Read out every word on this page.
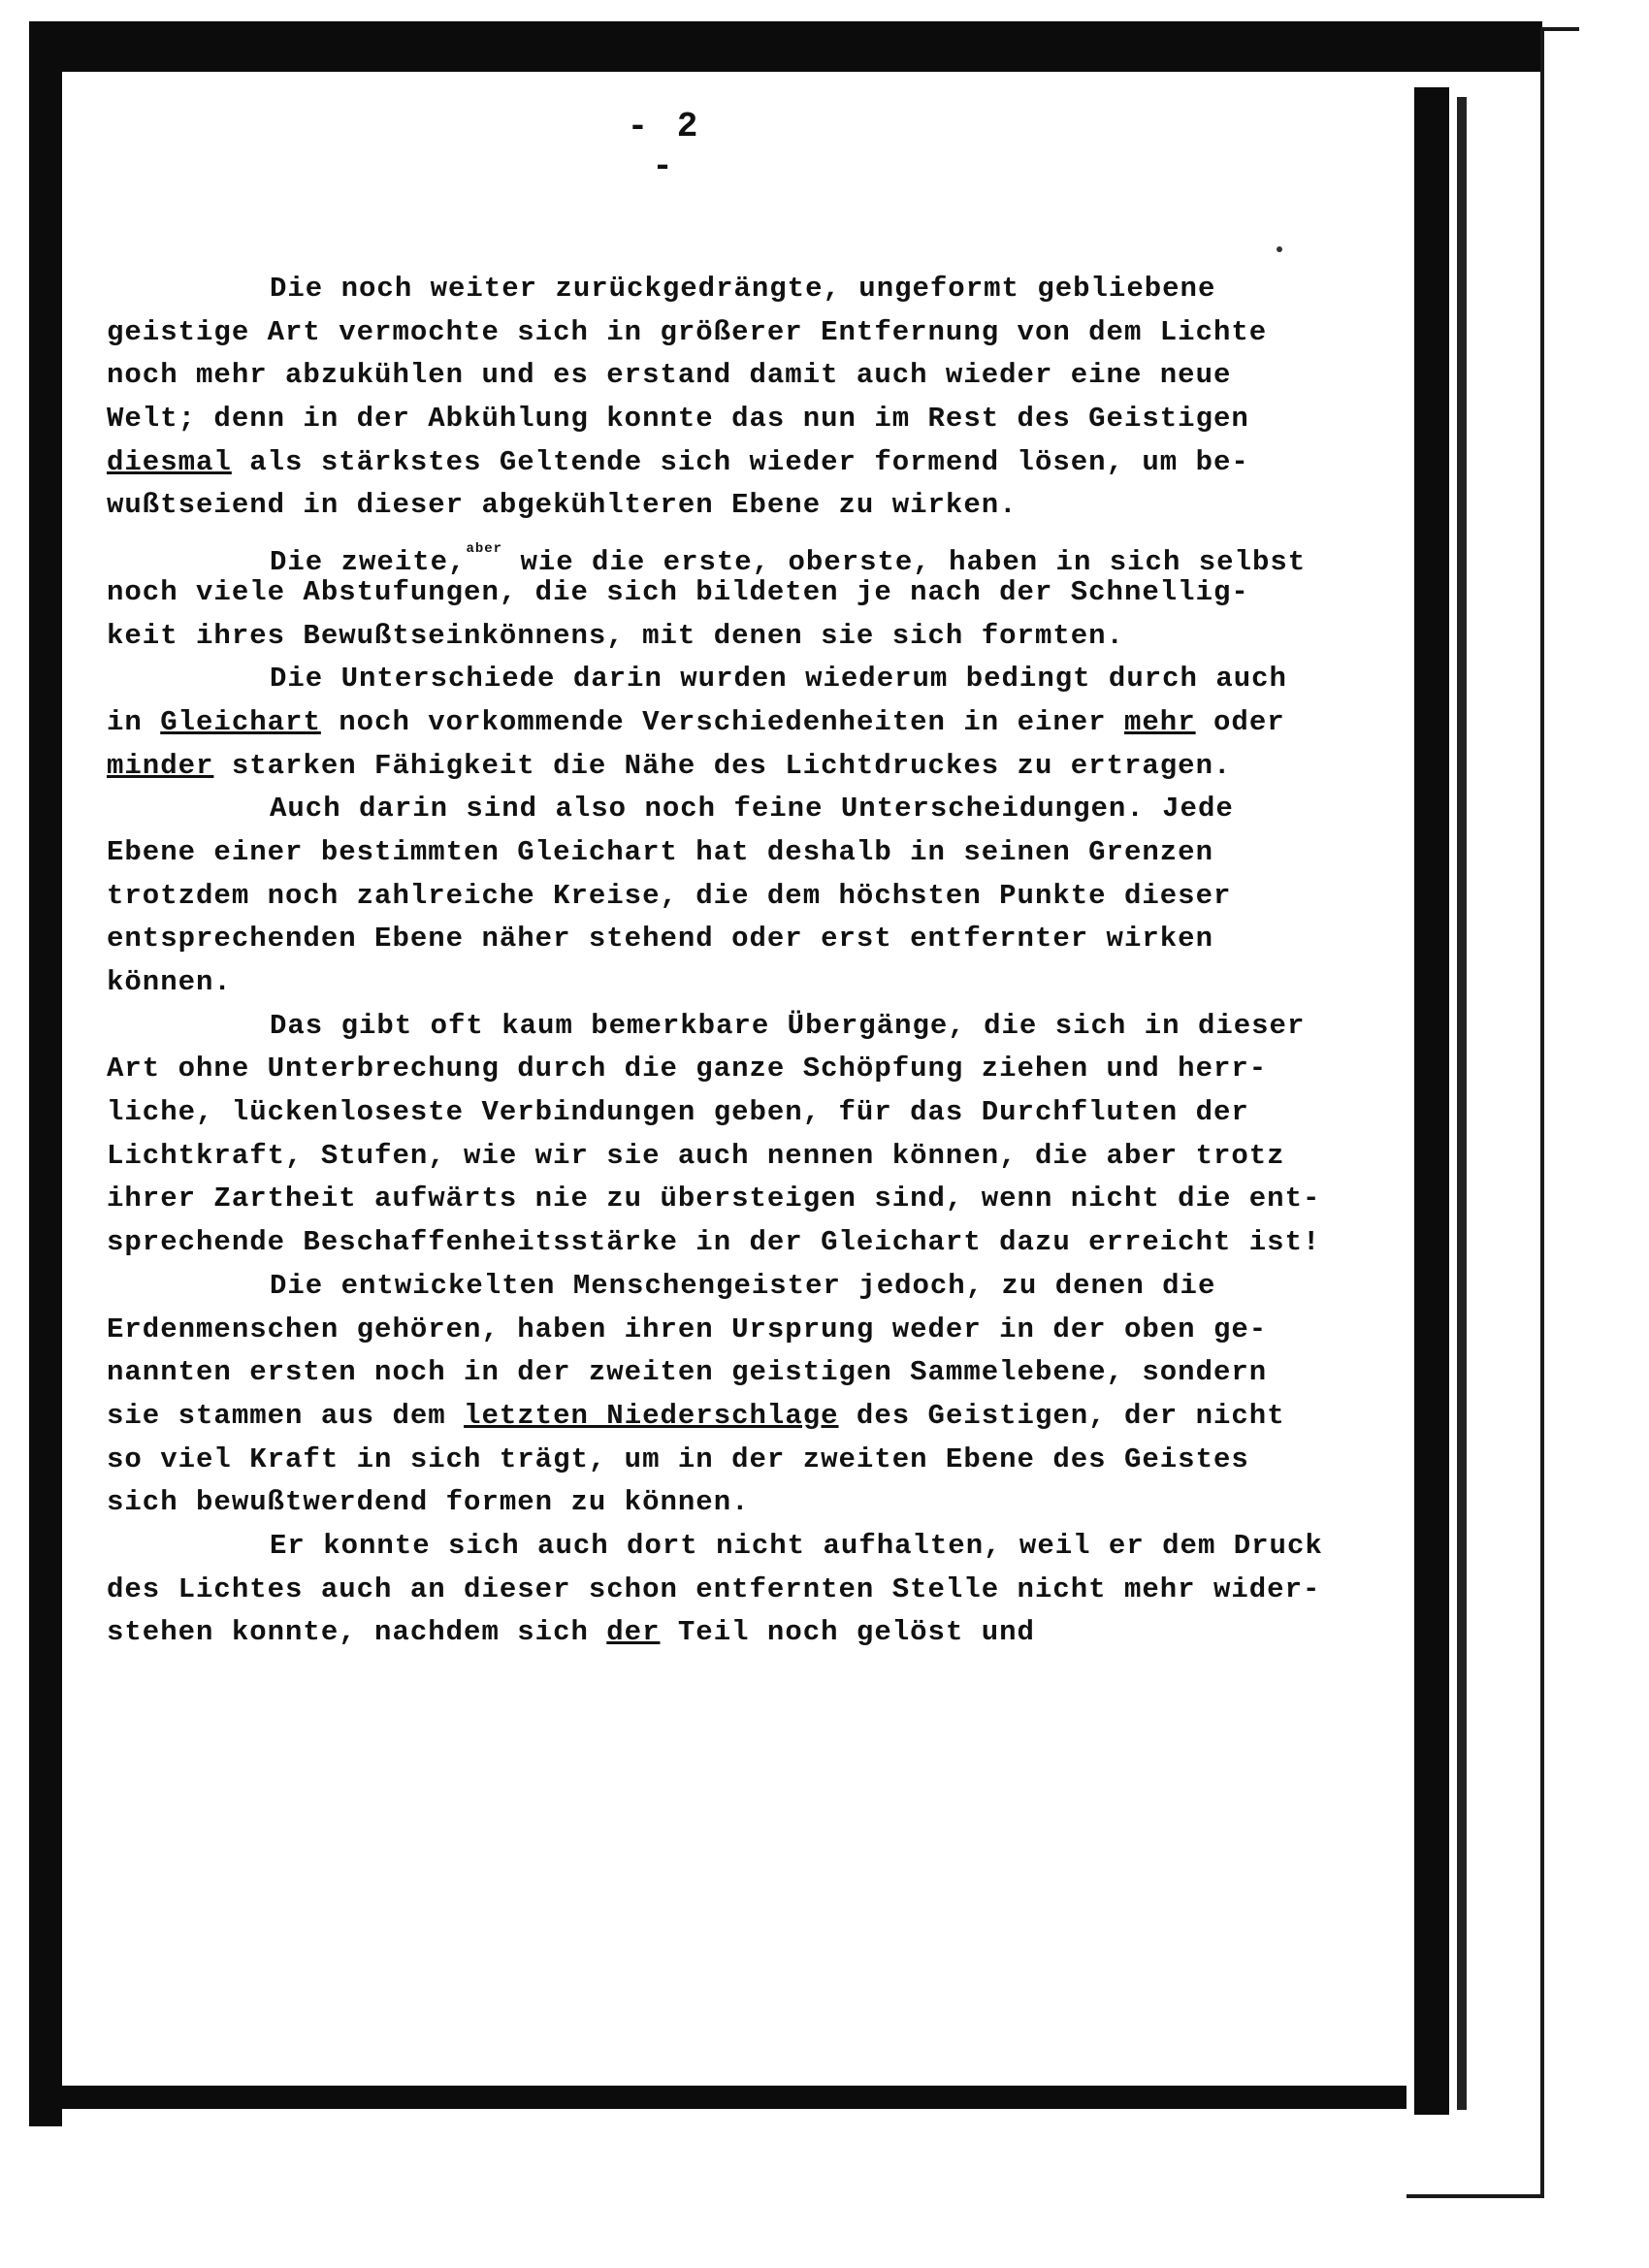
- 2 -
Die noch weiter zurückgedrängte, ungeformt gebliebene
geistige Art vermochte sich in größerer Entfernung von dem Lichte
noch mehr abzukühlen und es erstand damit auch wieder eine neue
Welt; denn in der Abkühlung konnte das nun im Rest des Geistigen
diesmal als stärkstes Geltende sich wieder formend lösen, um be-
wußtseiend in dieser abgekühlteren Ebene zu wirken.
Die zweite,$^{aber}$ wie die erste, oberste, haben in sich selbst
noch viele Abstufungen, die sich bildeten je nach der Schnellig-
keit ihres Bewußtseinkönnens, mit denen sie sich formten.
Die Unterschiede darin wurden wiederum bedingt durch auch
in Gleichart noch vorkommende Verschiedenheiten in einer mehr oder
minder starken Fähigkeit die Nähe des Lichtdruckes zu ertragen.
Auch darin sind also noch feine Unterscheidungen. Jede
Ebene einer bestimmten Gleichart hat deshalb in seinen Grenzen
trotzdem noch zahlreiche Kreise, die dem höchsten Punkte dieser
entsprechenden Ebene näher stehend oder erst entfernter wirken
können.
Das gibt oft kaum bemerkbare Übergänge, die sich in dieser
Art ohne Unterbrechung durch die ganze Schöpfung ziehen und herr-
liche, lückenloseste Verbindungen geben, für das Durchfluten der
Lichtkraft, Stufen, wie wir sie auch nennen können, die aber trotz
ihrer Zartheit aufwärts nie zu übersteigen sind, wenn nicht die ent-
sprechende Beschaffenheitsstärke in der Gleichart dazu erreicht ist!
Die entwickelten Menschengeister jedoch, zu denen die
Erdenmenschen gehören, haben ihren Ursprung weder in der oben ge-
nannten ersten noch in der zweiten geistigen Sammelebene, sondern
sie stammen aus dem letzten Niederschlage des Geistigen, der nicht
so viel Kraft in sich trägt, um in der zweiten Ebene des Geistes
sich bewußtwerdend formen zu können.
Er konnte sich auch dort nicht aufhalten, weil er dem Druck
des Lichtes auch an dieser schon entfernten Stelle nicht mehr wider-
stehen konnte, nachdem sich der Teil noch gelöst und
